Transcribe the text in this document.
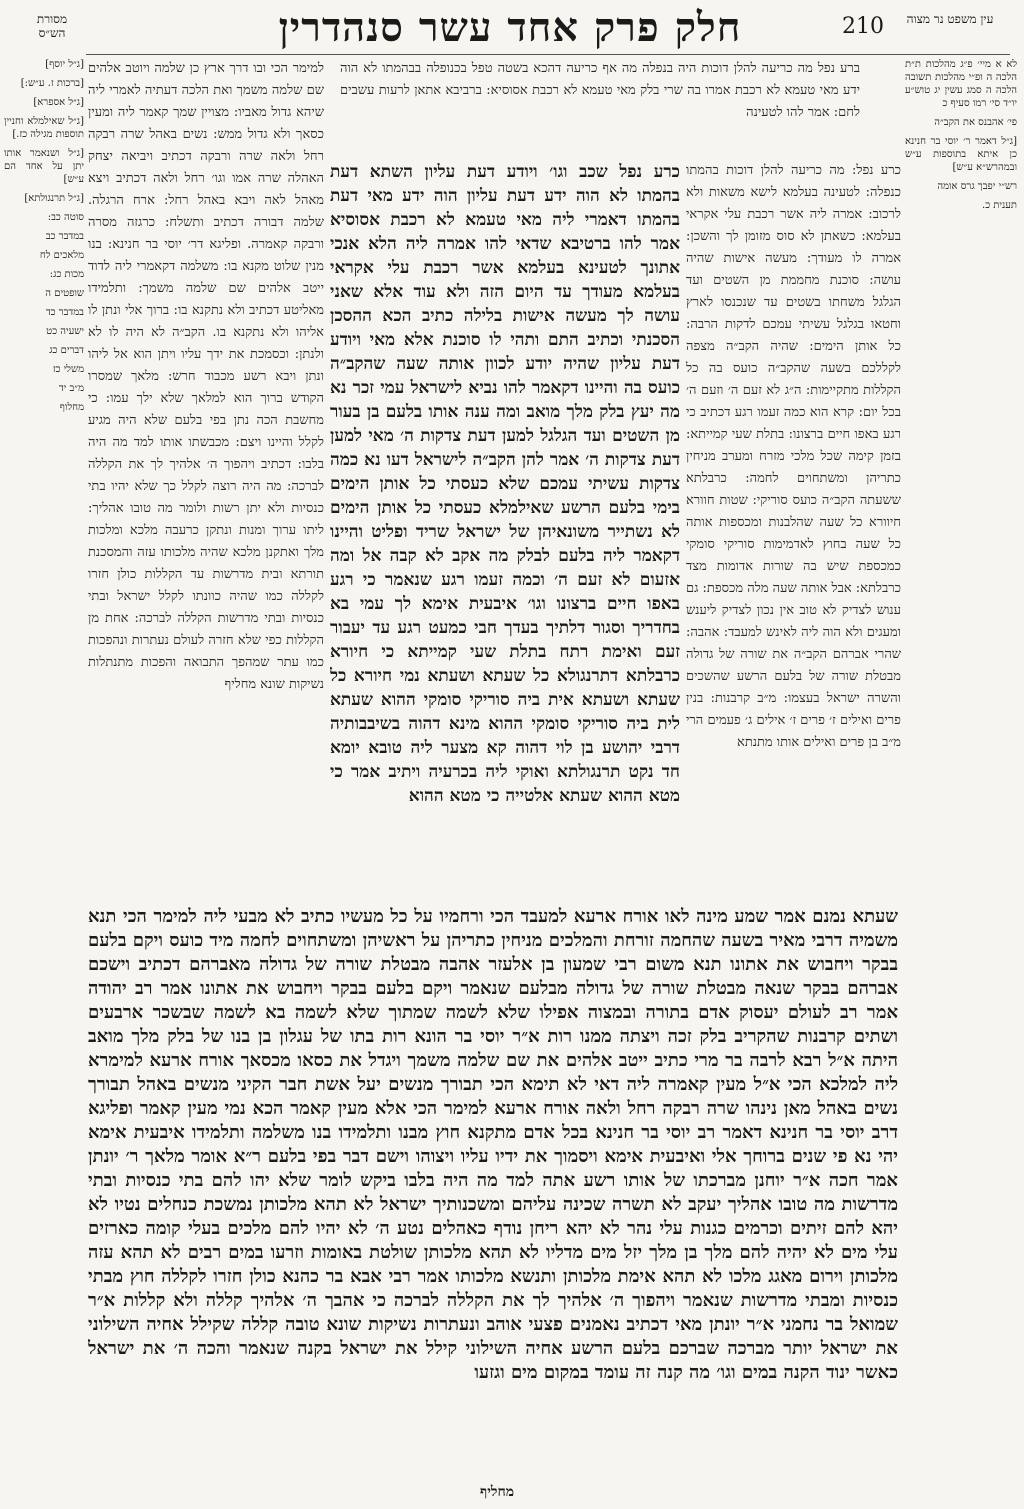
מסורת הש״ס	חלק פרק אחד עשר סנהדרין	210	עין משפט נר מצוה
[ג״ל יוסף]
[ברכות ז. ע״ש:]
[ג״ל אספרא]
[ג״ל שאילמלא וחניין תוספות מגילה כז.]
[ג״ל ושנאמר אותו יתן על אחד הם ע״ש]
[ג״ל תרנגולתא]
סוטה כב:
במדבר כב
מלאכים לח
מכות כג:
שופטים ה
במדבר כד
ישעיה כט
דברים כג
משלי כז
מ״ב יד
מחלוף

למימר הכי ובו דרך ארץ כן שלמה ויוטב אלהים שם שלמה משמך ואת הלכה דעתיה לאמרי ליה שיהא גדול מאביו: מצויין שמך קאמר ליה ומעין כסאך ולא גדול ממש: נשים באהל שרה רבקה רחל ולאה שרה ורבקה דכתיב ויביאה יצחק האהלה שרה אמו וגו׳ רחל ולאה דכתיב ויצא מאהל לאה ויבא באהל רחל: ארח הרגלה. שלמה דבורה דכתיב ותשלח: כרגזה מסרה ורבקה קאמרה. ופליגא דר׳ יוסי בר חנינא: בנו מנין שלוט מקנא בו: משלמה דקאמרי ליה לדוד ייטב אלהים שם שלמה משמך: ותלמידו מאליטע דכתיב ולא נתקנא בו: ברוך אלי ונתן לו אליהו ולא נתקנא בו. הקב״ה לא היה לו לא ולנתן: וכסמכת את ידך עליו ויתן הוא אל ליהו ונתן ויבא רשע מכבוד חרש: מלאך שמסרו הקודש ברוך הוא למלאך שלא ילך עמו: כי מחשבת הכה נתן בפי בלעם שלא היה מגיע לקלל והיינו ויצם: מכבשתו אותו למד מה היה בלבו: דכתיב ויהפוך ה׳ אלהיך לך את הקללה לברכה: מה היה רוצה לקלל כך שלא יהיו בתי כנסיות ולא יתן רשות ולומר מה טובו אהליך: ליתו ערוך ומנות ונתקן כרעבה מלכא ומלכות מלך ואתקנן מלכא שהיה מלכותו עזה והמסכנת תורתא ובית מדרשות עד הקללות כולן חזרו לקללה כמו שהיה כוונתו לקלל ישראל ובתי כנסיות ובתי מדרשות הקללה לברכה: אחת מן הקללות כפי שלא חזרה לעולם נעתרות ונהפכות כמו עתר שמהפך התבואה והפכות מתנתלות נשיקות שונא מחליף

ברע נפל מה כריעה להלן דוכות היה בנפלה מה אף כריעה דהכא בשטה טפל בכנופלה בבהמתו לא הוה ידע מאי טעמא לא רכבת אמרו בה שרי בלק מאי טעמא לא רכבת אסוסיא: ברביבא אתאן לרעות עשבים לחם: אמר להו לטעינה

כרע נפל שכב וגו׳ ויודע דעת עליון השתא דעת בהמתו לא הוה ידע דעת עליון הוה ידע מאי דעת בהמתו דאמרי ליה מאי טעמא לא רכבת אסוסיא אמר להו ברטיבא שדאי להו אמרה ליה הלא אנכי אתונך לטעינא בעלמא אשר רכבת עלי אקראי בעלמא מעודך עד היום הזה ולא עוד אלא שאני עושה לך מעשה אישות בלילה כתיב הכא ההסכן הסכנתי וכתיב התם ותהי לו סוכנת אלא מאי ויודע דעת עליון שהיה יודע לכוון אותה שעה שהקב״ה כועס בה והיינו דקאמר להו נביא לישראל עמי זכר נא מה יעץ בלק מלך מואב ומה ענה אותו בלעם בן בעור מן השטים ועד הגלגל למען דעת צדקות ה׳ מאי למען דעת צדקות ה׳ אמר להן הקב״ה לישראל דעו נא כמה צדקות עשיתי עמכם שלא כעסתי כל אותן הימים בימי בלעם הרשע שאילמלא כעסתי כל אותן הימים לא נשתייר משונאיהן של ישראל שריד ופליט והיינו דקאמר ליה בלעם לבלק מה אקב לא קבה אל ומה אזעום לא זעם ה׳ וכמה זעמו רגע שנאמר כי רגע באפו חיים ברצונו וגו׳ איבעית אימא לך עמי בא בחדריך וסגור דלתיך בעדך חבי כמעט רגע עד יעבור זעם ואימת רתח בתלת שעי קמייתא כי חיורא כרבלתא דתרנגולא כל שעתא ושעתא נמי חיורא כל שעתא ושעתא אית ביה סוריקי סומקי ההוא שעתא לית ביה סוריקי סומקי ההוא מינא דהוה בשיבבותיה דרבי יהושע בן לוי דהוה קא מצער ליה טובא יומא חד נקט תרנגולתא ואוקי ליה בכרעיה ויתיב אמר כי מטא ההוא שעתא אלטייה כי מטא ההוא

כרע נפל: מה כריעה להלן דוכות בהמתו כנפלה: לטעינה בעלמא לישא משאות ולא לרכוב: אמרה ליה אשר רכבת עלי אקראי בעלמא: כשאתן לא סוס מזומן לך והשכן: אמרה לו מעודך: מעשה אישות שהיה עושה: סוכנת מחממת מן השטים ועד הגלגל משחתו בשטים עד שנכנסו לארץ וחטאו בגלגל עשיתי עמכם לדקות הרבה: כל אותן הימים: שהיה הקב״ה מצפה לקללכם בשעה שהקב״ה כועס בה כל הקללות מתקיימות: ה״ג לא זעם ה׳ וזעם ה׳ בכל יום: קרא הוא כמה זעמו רגע דכתיב כי רגע באפו חיים ברצונו: בתלת שעי קמייתא: בזמן קימה שכל מלכי מזרח ומערב מניחין כתריהן ומשתחוים לחמה: כרבלתא ששעתה הקב״ה כועס סוריקי: שטות חוורא חיוורא כל שעה שהלבנות ומכספות אותה כל שעה בחוץ לאדמימות סוריקי סומקי כמכספת שיש בה שורות אדומות מצד כרבלתא: אבל אותה שעה מלה מכספת: גם ענוש לצדיק לא טוב אין נכון לצדיק ליענש ומעגים ולא הוה ליה לאינש למעבד: אהבה: שהרי אברהם הקב״ה את שורה של גדולה מבטלת שורה של בלעם הרשע שהשכים והשרה ישראל בעצמו: מ״ב קרבנות: בנין פרים ואילים ז׳ פרים ז׳ אילים ג׳ פעמים הרי מ״ב בן פרים ואילים אותו מתנתא

לא א מיי׳ פ״ג מהלכות ת״ת הלכה ה ופ״י מהלכות תשובה הלכה ה סמג עשין יג טוש״ע יו״ד סי׳ רמו סעיף כ
פי׳ אהבנס את הקב״ה
[ג״ל דאמר ר׳ יוסי בר חנינא כן איתא בתוספות ע״ש ובמהרש״א ע״ש]
רש״י יפבך גרס אומה
תענית כ.

שעתא נמנם אמר שמע מינה לאו אורח ארעא למעבד הכי ורחמיו על כל מעשיו כתיב לא מבעי ליה למימר הכי תנא משמיה דרבי מאיר בשעה שהחמה זורחת והמלכים מניחין כתריהן על ראשיהן ומשתחוים לחמה מיד כועס ויקם בלעם בבקר ויחבוש את אתונו תנא משום רבי שמעון בן אלעזר אהבה מבטלת שורה של גדולה מאברהם דכתיב וישכם אברהם בבקר שנאה מבטלת שורה של גדולה מבלעם שנאמר ויקם בלעם בבקר ויחבוש את אתונו אמר רב יהודה אמר רב לעולם יעסוק אדם בתורה ובמצוה אפילו שלא לשמה שמתוך שלא לשמה בא לשמה שבשכר ארבעים ושתים קרבנות שהקריב בלק זכה ויצתה ממנו רות א״ר יוסי בר הונא רות בתו של עגלון בן בנו של בלק מלך מואב היתה א״ל רבא לרבה בר מרי כתיב ייטב אלהים את שם שלמה משמך ויגדל את כסאו מכסאך אורח ארעא למימרא ליה למלכא הכי א״ל מעין קאמרה ליה דאי לא תימא הכי תבורך מנשים יעל אשת חבר הקיני מנשים באהל תבורך נשים באהל מאן נינהו שרה רבקה רחל ולאה אורח ארעא למימר הכי אלא מעין קאמר הכא נמי מעין קאמר ופליגא דרב יוסי בר חנינא דאמר רב יוסי בר חנינא בכל אדם מתקנא חוץ מבנו ותלמידו בנו משלמה ותלמידו איבעית אימא יהי נא פי שנים ברוחך אלי ואיבעית אימא ויסמוך את ידיו עליו ויצוהו וישם דבר בפי בלעם ר״א אומר מלאך ר׳ יונתן אמר חכה א״ר יוחנן מברכתו של אותו רשע אתה למד מה היה בלבו ביקש לומר שלא יהו להם בתי כנסיות ובתי מדרשות מה טובו אהליך יעקב לא תשרה שכינה עליהם ומשכנותיך ישראל לא תהא מלכותן נמשכת כנחלים נטיו לא יהא להם זיתים וכרמים כגנות עלי נהר לא יהא ריחן נודף כאהלים נטע ה׳ לא יהיו להם מלכים בעלי קומה כארזים עלי מים לא יהיה להם מלך בן מלך יזל מים מדליו לא תהא מלכותן שולטת באומות וזרעו במים רבים לא תהא עזה מלכותן וירום מאגג מלכו לא תהא אימת מלכותן ותנשא מלכותו אמר רבי אבא בר כהנא כולן חזרו לקללה חוץ מבתי כנסיות ומבתי מדרשות שנאמר ויהפוך ה׳ אלהיך לך את הקללה לברכה כי אהבך ה׳ אלהיך קללה ולא קללות א״ר שמואל בר נחמני א״ר יונתן מאי דכתיב נאמנים פצעי אוהב ונעתרות נשיקות שונא טובה קללה שקילל אחיה השילוני את ישראל יותר מברכה שברכם בלעם הרשע אחיה השילוני קילל את ישראל בקנה שנאמר והכה ה׳ את ישראל כאשר ינוד הקנה במים וגו׳ מה קנה זה עומד במקום מים וגזעו

מחליף
